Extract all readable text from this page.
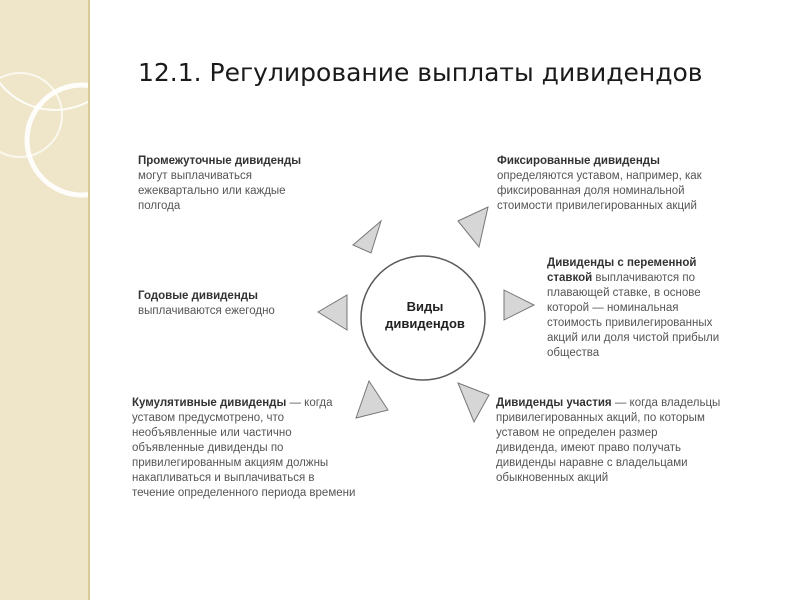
12.1. Регулирование выплаты дивидендов
Виды
дивидендов
Промежуточные дивиденды могут выплачиваться ежеквартально или каждые полгода
Фиксированные дивиденды определяются уставом, например, как фиксированная доля номинальной стоимости привилегированных акций
Дивиденды с переменной ставкой выплачиваются по плавающей ставке, в основе которой — номинальная стоимость привилегированных акций или доля чистой прибыли общества
Годовые дивиденды выплачиваются ежегодно
Кумулятивные дивиденды — когда уставом предусмотрено, что необъявленные или частично объявленные дивиденды по привилегированным акциям должны накапливаться и выплачиваться в течение определенного периода времени
Дивиденды участия — когда владельцы привилегированных акций, по которым уставом не определен размер дивиденда, имеют право получать дивиденды наравне с владельцами обыкновенных акций
